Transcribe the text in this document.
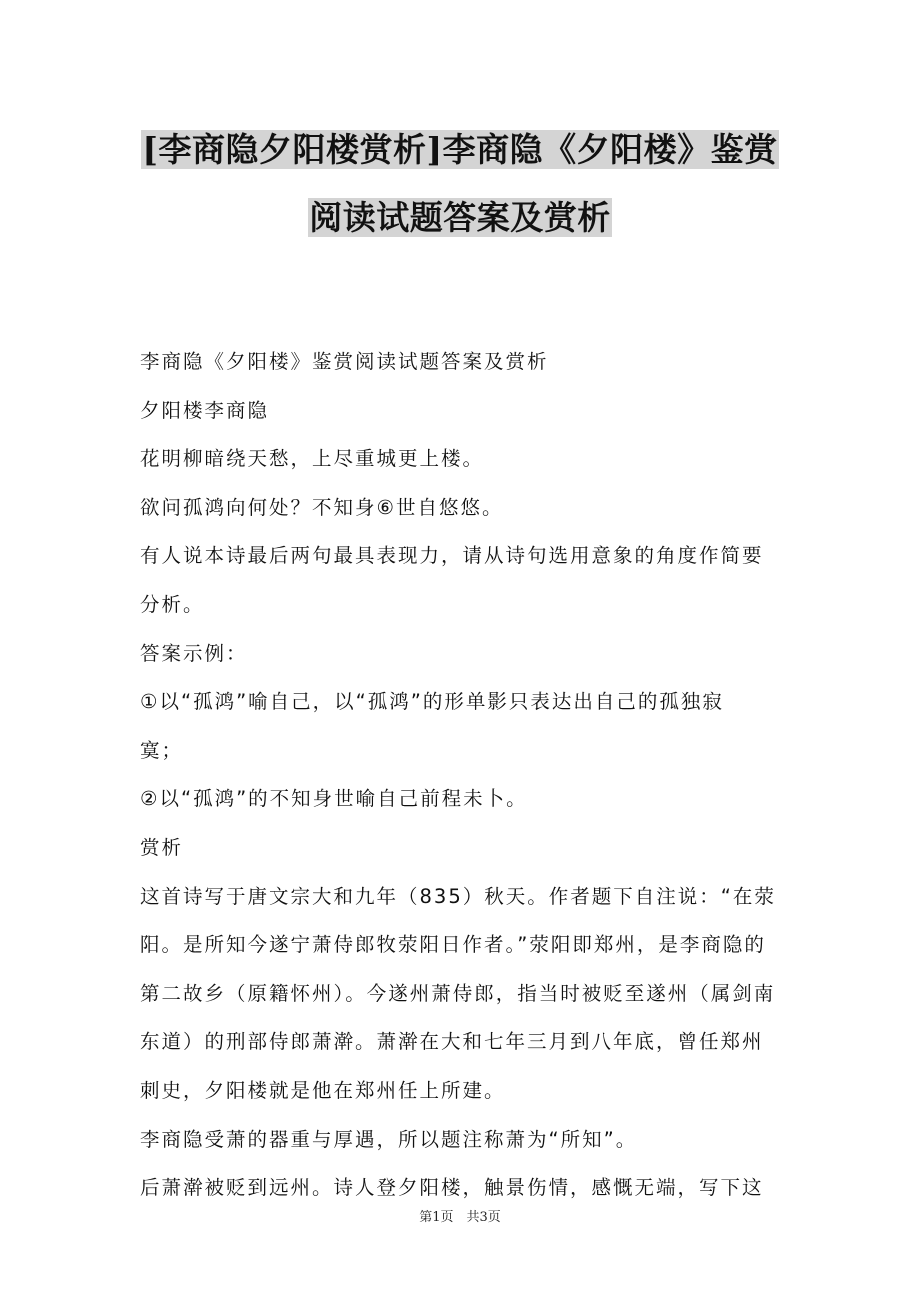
[李商隐夕阳楼赏析]李商隐《夕阳楼》鉴赏
阅读试题答案及赏析
李商隐《夕阳楼》鉴赏阅读试题答案及赏析
夕阳楼李商隐
花明柳暗绕天愁，上尽重城更上楼。
欲问孤鸿向何处？不知身⑥世自悠悠。
有人说本诗最后两句最具表现力，请从诗句选用意象的角度作简要
分析。
答案示例：
①以“孤鸿”喻自己，以“孤鸿”的形单影只表达出自己的孤独寂
寞；
②以“孤鸿”的不知身世喻自己前程未卜。
赏析
这首诗写于唐文宗大和九年（835）秋天。作者题下自注说：“在荥
阳。是所知今遂宁萧侍郎牧荥阳日作者。”荥阳即郑州，是李商隐的
第二故乡（原籍怀州）。今遂州萧侍郎，指当时被贬至遂州（属剑南
东道）的刑部侍郎萧澣。萧澣在大和七年三月到八年底，曾任郑州
刺史，夕阳楼就是他在郑州任上所建。
李商隐受萧的器重与厚遇，所以题注称萧为“所知”。
后萧澣被贬到远州。诗人登夕阳楼，触景伤情，感慨无端，写下这
第1页　共3页
